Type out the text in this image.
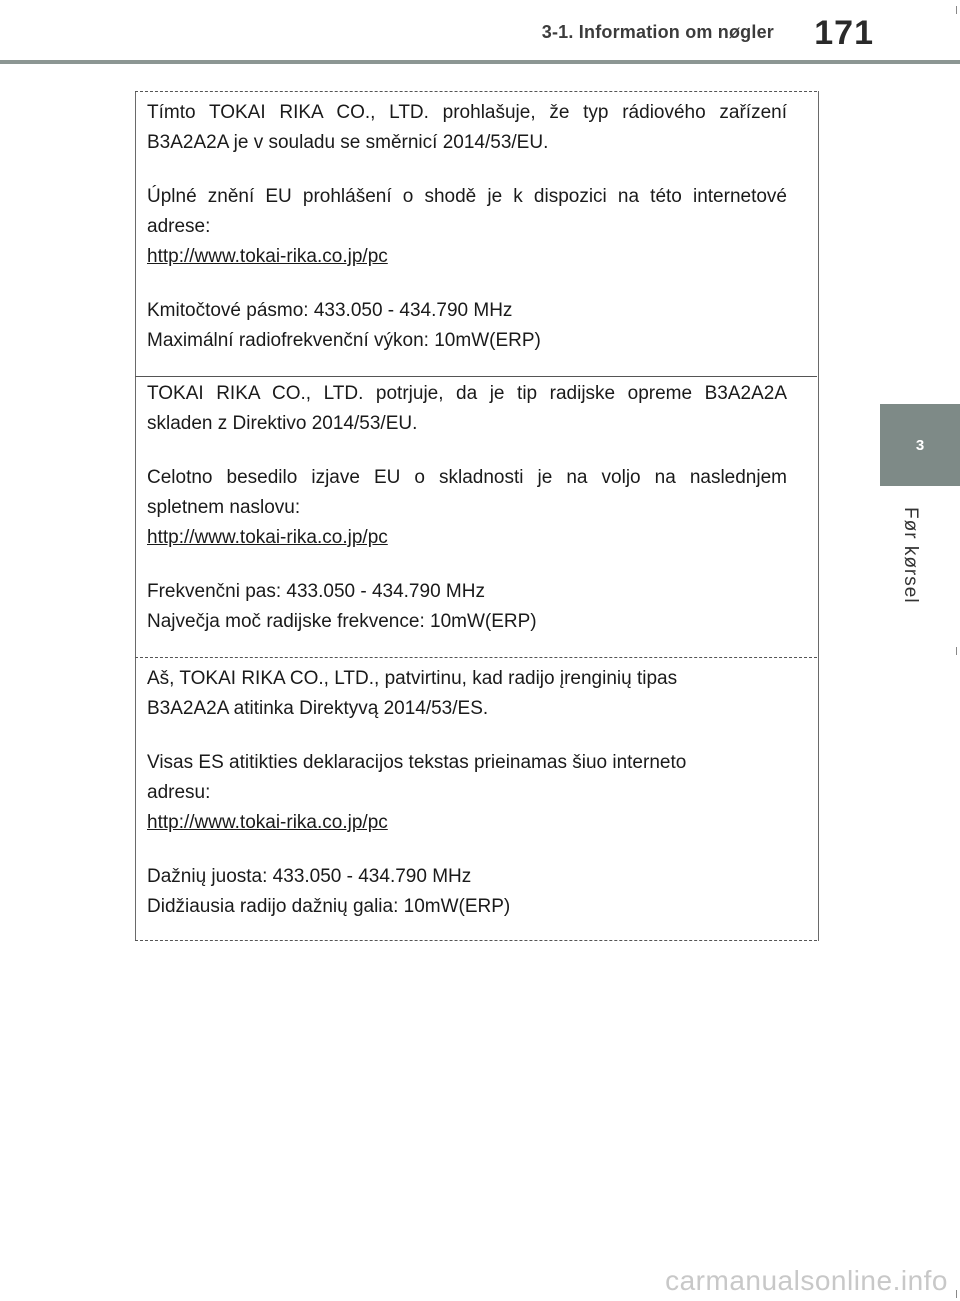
3-1. Information om nøgler 171
3
Før kørsel
Tímto TOKAI RIKA CO., LTD. prohlašuje, že typ rádiového zařízení
B3A2A2A je v souladu se směrnicí 2014/53/EU.
Úplné znění EU prohlášení o shodě je k dispozici na této internetové
adrese:
http://www.tokai-rika.co.jp/pc
Kmitočtové pásmo: 433.050 - 434.790 MHz
Maximální radiofrekvenční výkon: 10mW(ERP)
TOKAI RIKA CO., LTD. potrjuje, da je tip radijske opreme B3A2A2A
skladen z Direktivo 2014/53/EU.
Celotno besedilo izjave EU o skladnosti je na voljo na naslednjem
spletnem naslovu:
http://www.tokai-rika.co.jp/pc
Frekvenčni pas: 433.050 - 434.790 MHz
Največja moč radijske frekvence: 10mW(ERP)
Aš, TOKAI RIKA CO., LTD., patvirtinu, kad radijo įrenginių tipas
B3A2A2A atitinka Direktyvą 2014/53/ES.
Visas ES atitikties deklaracijos tekstas prieinamas šiuo interneto
adresu:
http://www.tokai-rika.co.jp/pc
Dažnių juosta: 433.050 - 434.790 MHz
Didžiausia radijo dažnių galia: 10mW(ERP)
carmanualsonline.info
